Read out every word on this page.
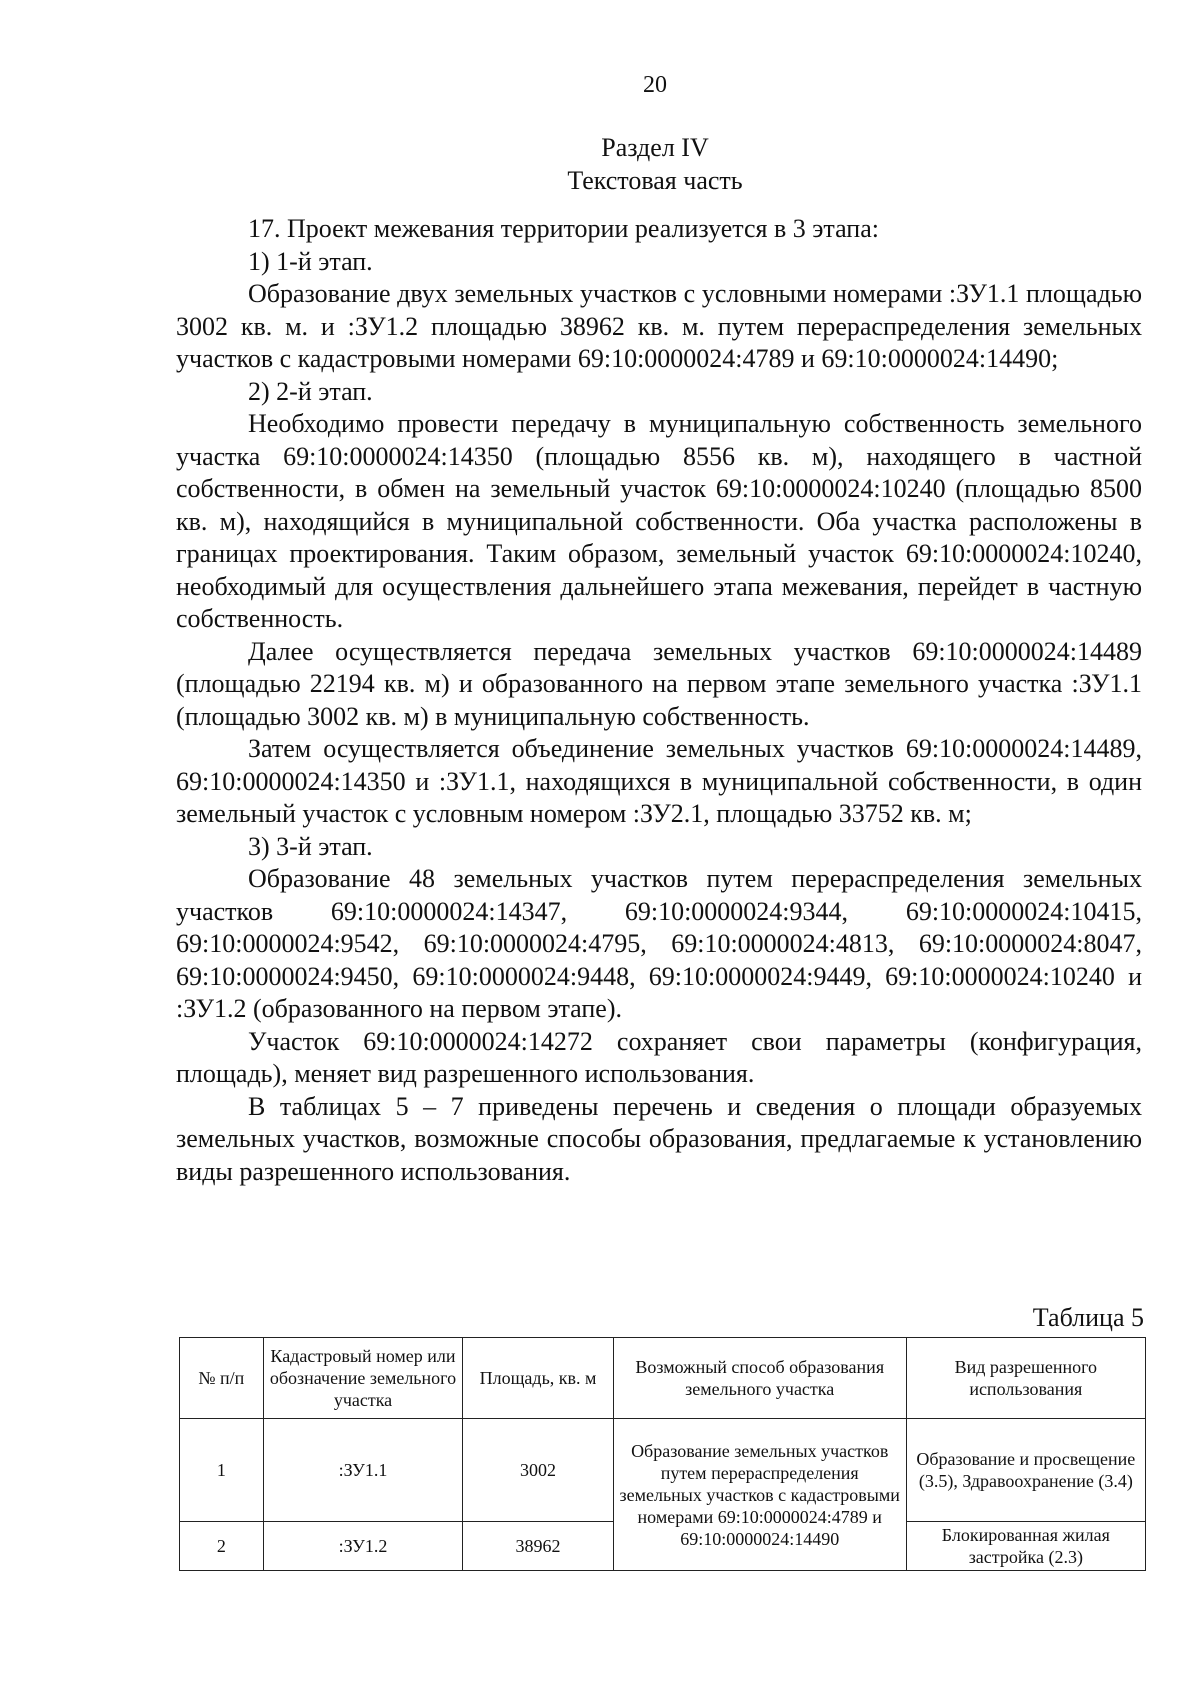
20
Раздел IV
Текстовая часть

17. Проект межевания территории реализуется в 3 этапа:

1) 1-й этап.

Образование двух земельных участков с условными номерами :ЗУ1.1 площадью 3002 кв. м. и :ЗУ1.2 площадью 38962 кв. м. путем перераспределения земельных участков с кадастровыми номерами 69:10:0000024:4789 и 69:10:0000024:14490;

2) 2-й этап.

Необходимо провести передачу в муниципальную собственность земельного участка 69:10:0000024:14350 (площадью 8556 кв. м), находящего в частной собственности, в обмен на земельный участок 69:10:0000024:10240 (площадью 8500 кв. м), находящийся в муниципальной собственности. Оба участка расположены в границах проектирования. Таким образом, земельный участок 69:10:0000024:10240, необходимый для осуществления дальнейшего этапа межевания, перейдет в частную собственность.

Далее осуществляется передача земельных участков 69:10:0000024:14489 (площадью 22194 кв. м) и образованного на первом этапе земельного участка :ЗУ1.1 (площадью 3002 кв. м) в муниципальную собственность.

Затем осуществляется объединение земельных участков 69:10:0000024:14489, 69:10:0000024:14350 и :ЗУ1.1, находящихся в муниципальной собственности, в один земельный участок с условным номером :ЗУ2.1, площадью 33752 кв. м;

3) 3-й этап.

Образование 48 земельных участков путем перераспределения земельных участков 69:10:0000024:14347, 69:10:0000024:9344, 69:10:0000024:10415, 69:10:0000024:9542, 69:10:0000024:4795, 69:10:0000024:4813, 69:10:0000024:8047, 69:10:0000024:9450, 69:10:0000024:9448, 69:10:0000024:9449, 69:10:0000024:10240 и :ЗУ1.2 (образованного на первом этапе).

Участок 69:10:0000024:14272 сохраняет свои параметры (конфигурация, площадь), меняет вид разрешенного использования.

В таблицах 5 – 7 приведены перечень и сведения о площади образуемых земельных участков, возможные способы образования, предлагаемые к установлению виды разрешенного использования.

Таблица 5
№ п/п	Кадастровый номер или обозначение земельного участка	Площадь, кв. м	Возможный способ образования земельного участка	Вид разрешенного использования
1	:ЗУ1.1	3002	Образование земельных участков путем перераспределения земельных участков с кадастровыми номерами 69:10:0000024:4789 и 69:10:0000024:14490	Образование и просвещение (3.5), Здравоохранение (3.4)
2	:ЗУ1.2	38962		Блокированная жилая застройка (2.3)
